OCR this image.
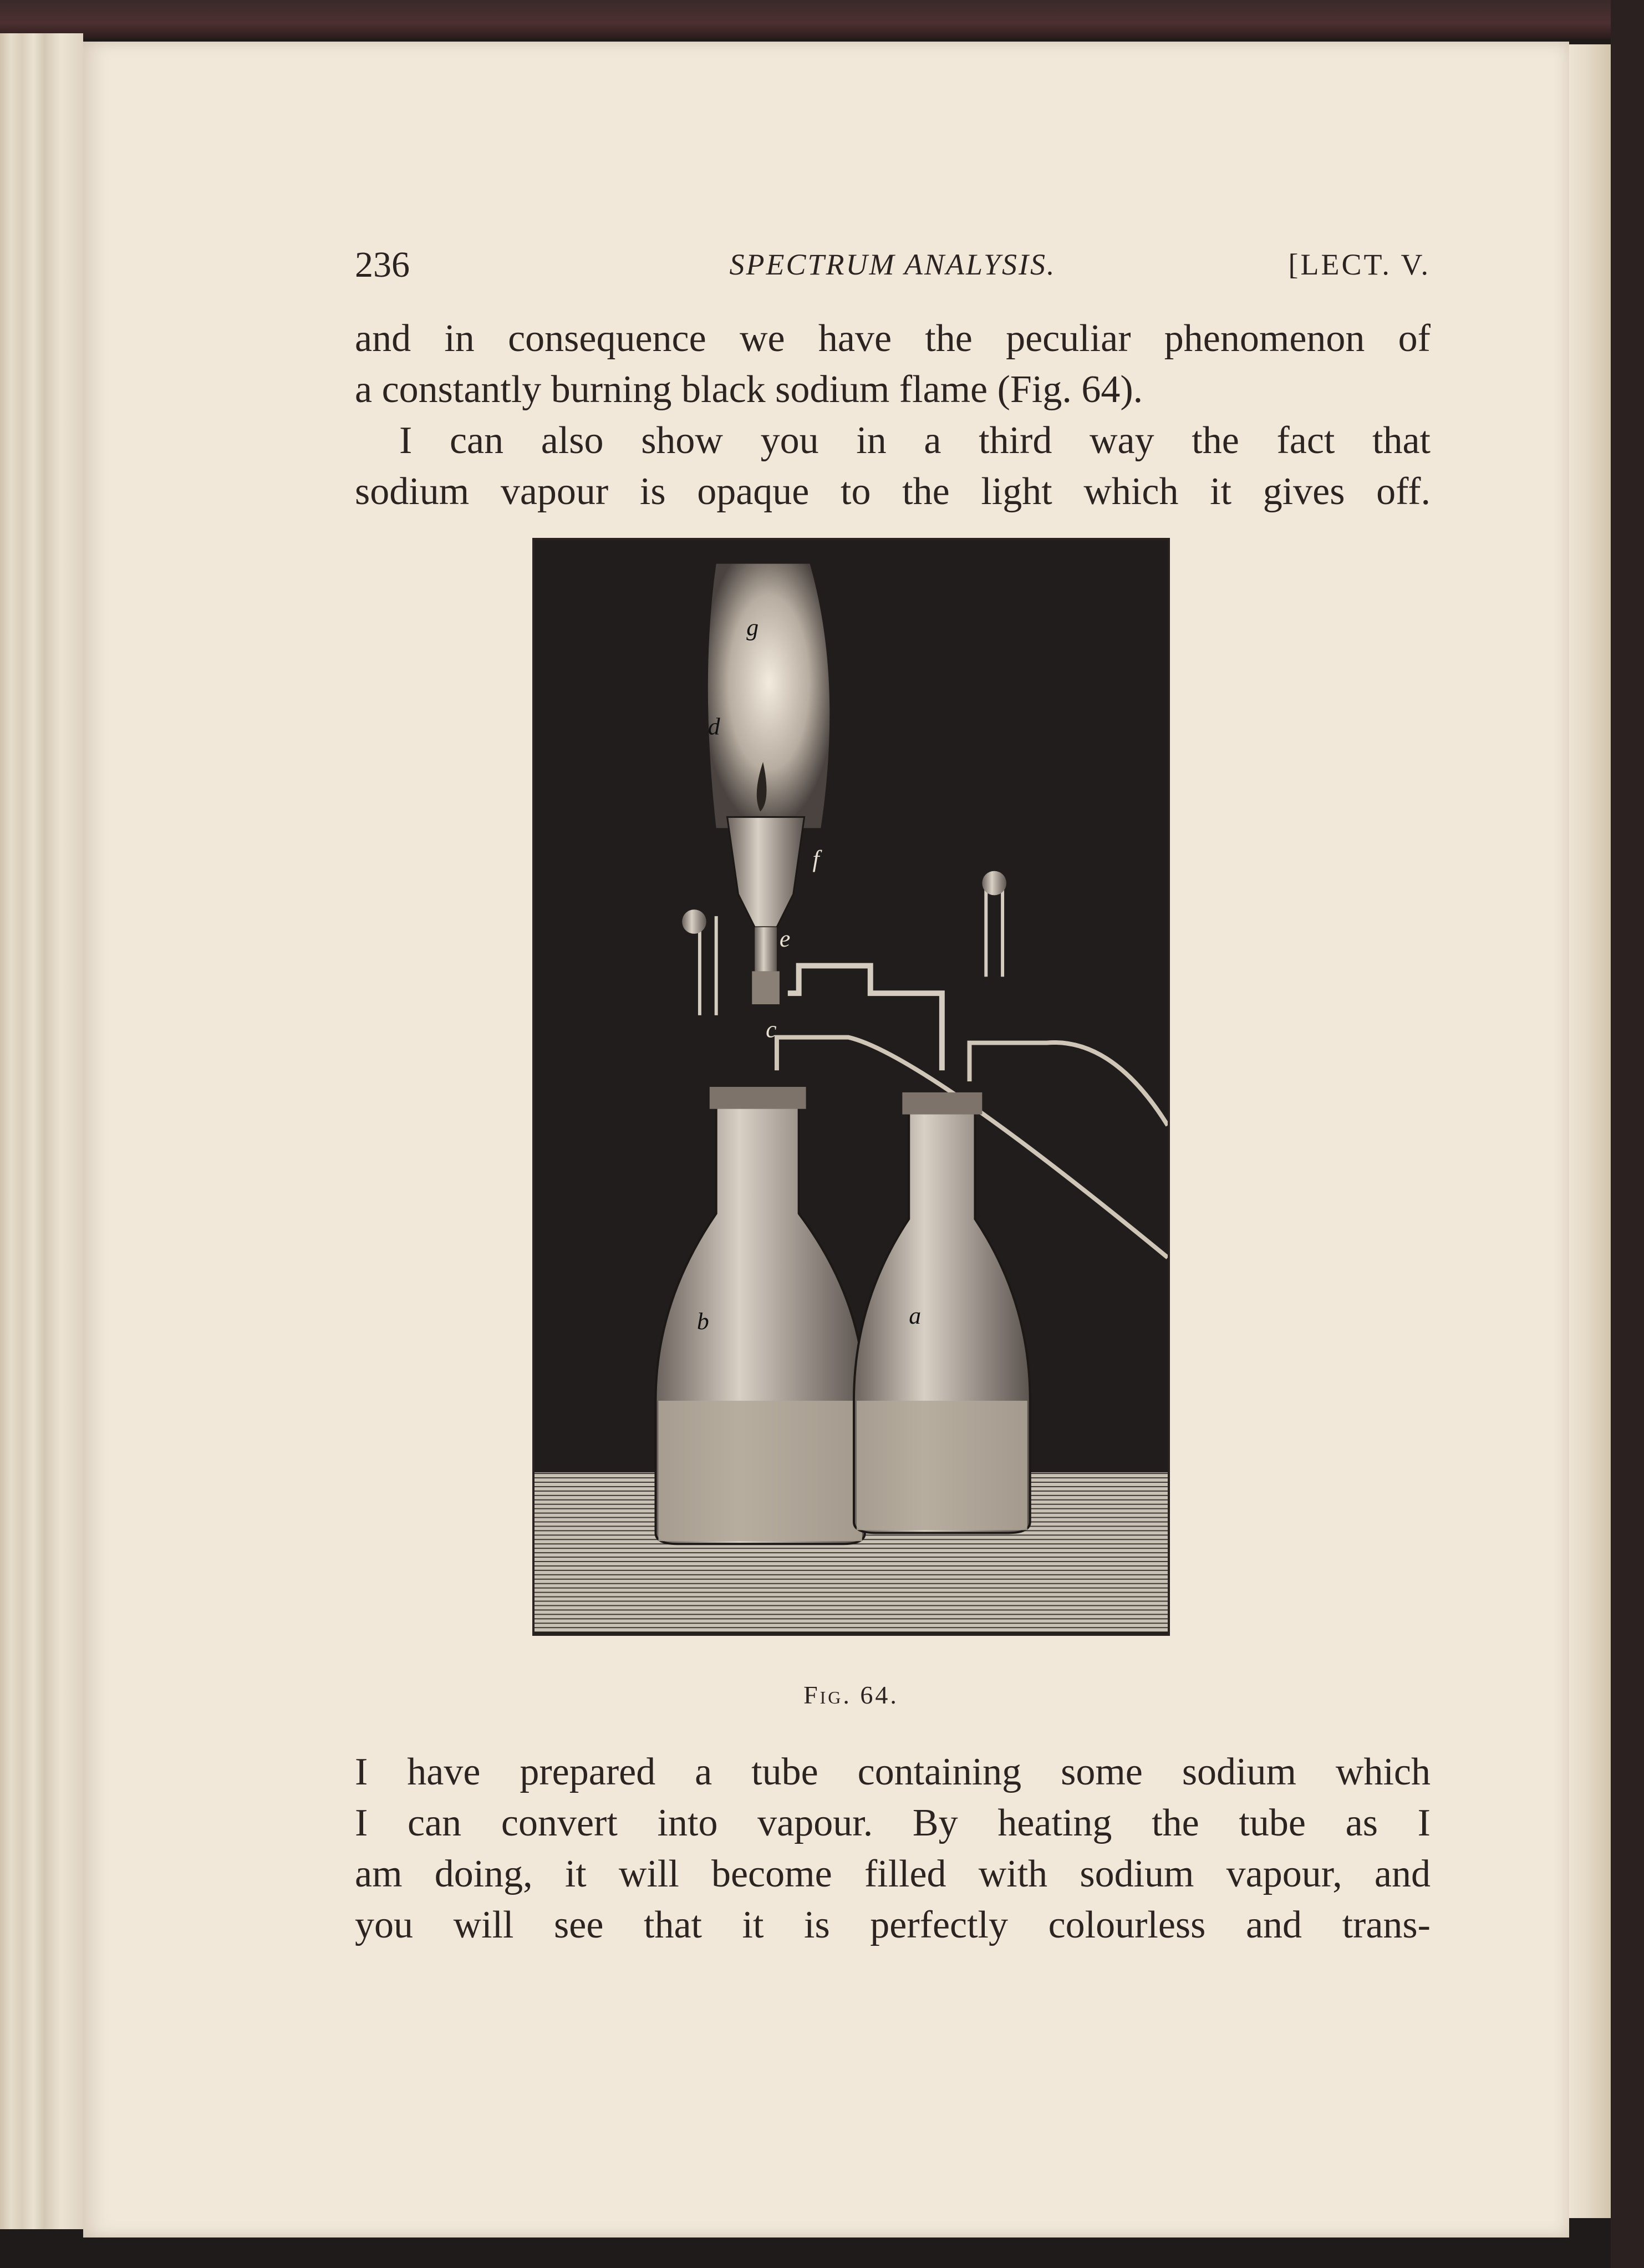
236	SPECTRUM ANALYSIS.	[LECT. V.

and in consequence we have the peculiar phenomenon of
a constantly burning black sodium flame (Fig. 64).

I can also show you in a third way the fact that
sodium vapour is opaque to the light which it gives off.

g
d
f
e
c
b	a
Fig. 64.

I have prepared a tube containing some sodium which
I can convert into vapour. By heating the tube as I
am doing, it will become filled with sodium vapour, and
you will see that it is perfectly colourless and trans-
